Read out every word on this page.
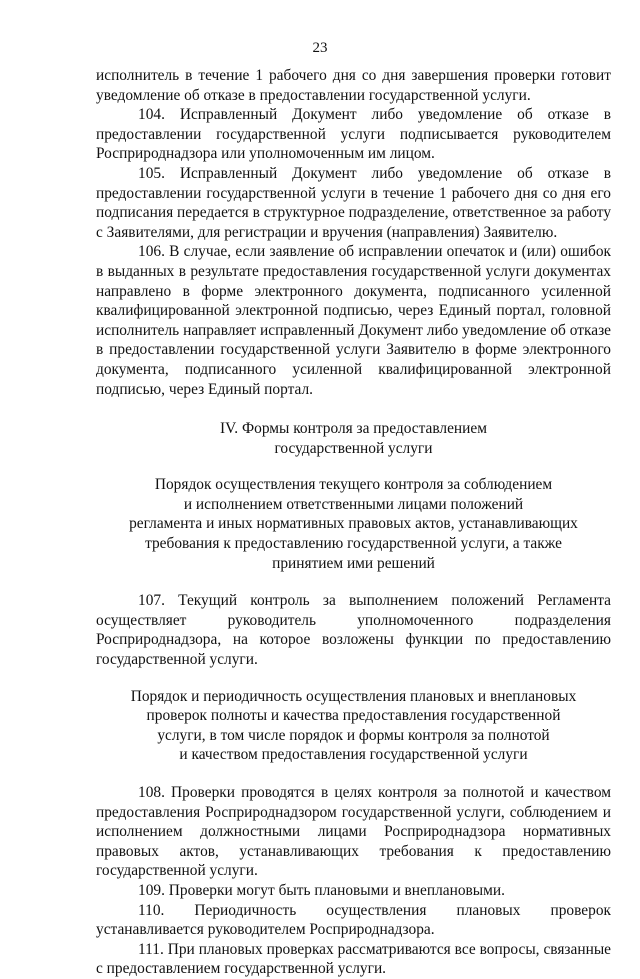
23

исполнитель в течение 1 рабочего дня со дня завершения проверки готовит уведомление об отказе в предоставлении государственной услуги.

104. Исправленный Документ либо уведомление об отказе в предоставлении государственной услуги подписывается руководителем Росприроднадзора или уполномоченным им лицом.

105. Исправленный Документ либо уведомление об отказе в предоставлении государственной услуги в течение 1 рабочего дня со дня его подписания передается в структурное подразделение, ответственное за работу с Заявителями, для регистрации и вручения (направления) Заявителю.

106. В случае, если заявление об исправлении опечаток и (или) ошибок в выданных в результате предоставления государственной услуги документах направлено в форме электронного документа, подписанного усиленной квалифицированной электронной подписью, через Единый портал, головной исполнитель направляет исправленный Документ либо уведомление об отказе в предоставлении государственной услуги Заявителю в форме электронного документа, подписанного усиленной квалифицированной электронной подписью, через Единый портал.

IV. Формы контроля за предоставлением
государственной услуги
Порядок осуществления текущего контроля за соблюдением
и исполнением ответственными лицами положений
регламента и иных нормативных правовых актов, устанавливающих
требования к предоставлению государственной услуги, а также
принятием ими решений

107. Текущий контроль за выполнением положений Регламента осуществляет руководитель уполномоченного подразделения Росприроднадзора, на которое возложены функции по предоставлению государственной услуги.

Порядок и периодичность осуществления плановых и внеплановых
проверок полноты и качества предоставления государственной
услуги, в том числе порядок и формы контроля за полнотой
и качеством предоставления государственной услуги

108. Проверки проводятся в целях контроля за полнотой и качеством предоставления Росприроднадзором государственной услуги, соблюдением и исполнением должностными лицами Росприроднадзора нормативных правовых актов, устанавливающих требования к предоставлению государственной услуги.

109. Проверки могут быть плановыми и внеплановыми.

110. Периодичность осуществления плановых проверок устанавливается руководителем Росприроднадзора.

111. При плановых проверках рассматриваются все вопросы, связанные с предоставлением государственной услуги.
